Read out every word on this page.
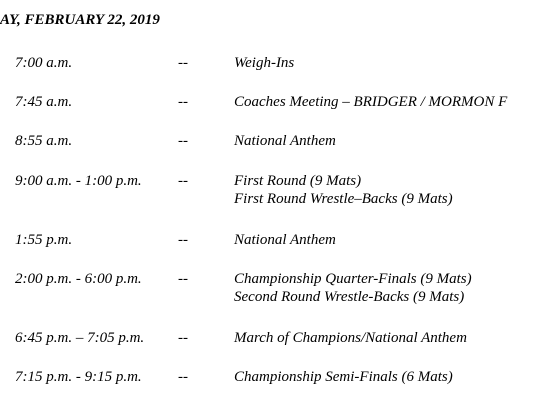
AY, FEBRUARY 22, 2019
7:00 a.m.	--	Weigh-Ins
7:45 a.m.	--	Coaches Meeting – BRIDGER / MORMON F
8:55 a.m.	--	National Anthem
9:00 a.m. - 1:00 p.m. --	First Round (9 Mats)
First Round Wrestle–Backs (9 Mats)
1:55 p.m.	--	National Anthem
2:00 p.m. - 6:00 p.m. --	Championship Quarter-Finals (9 Mats)
Second Round Wrestle-Backs (9 Mats)
6:45 p.m. – 7:05 p.m. --	March of Champions/National Anthem
7:15 p.m. - 9:15 p.m. --	Championship Semi-Finals (6 Mats)
